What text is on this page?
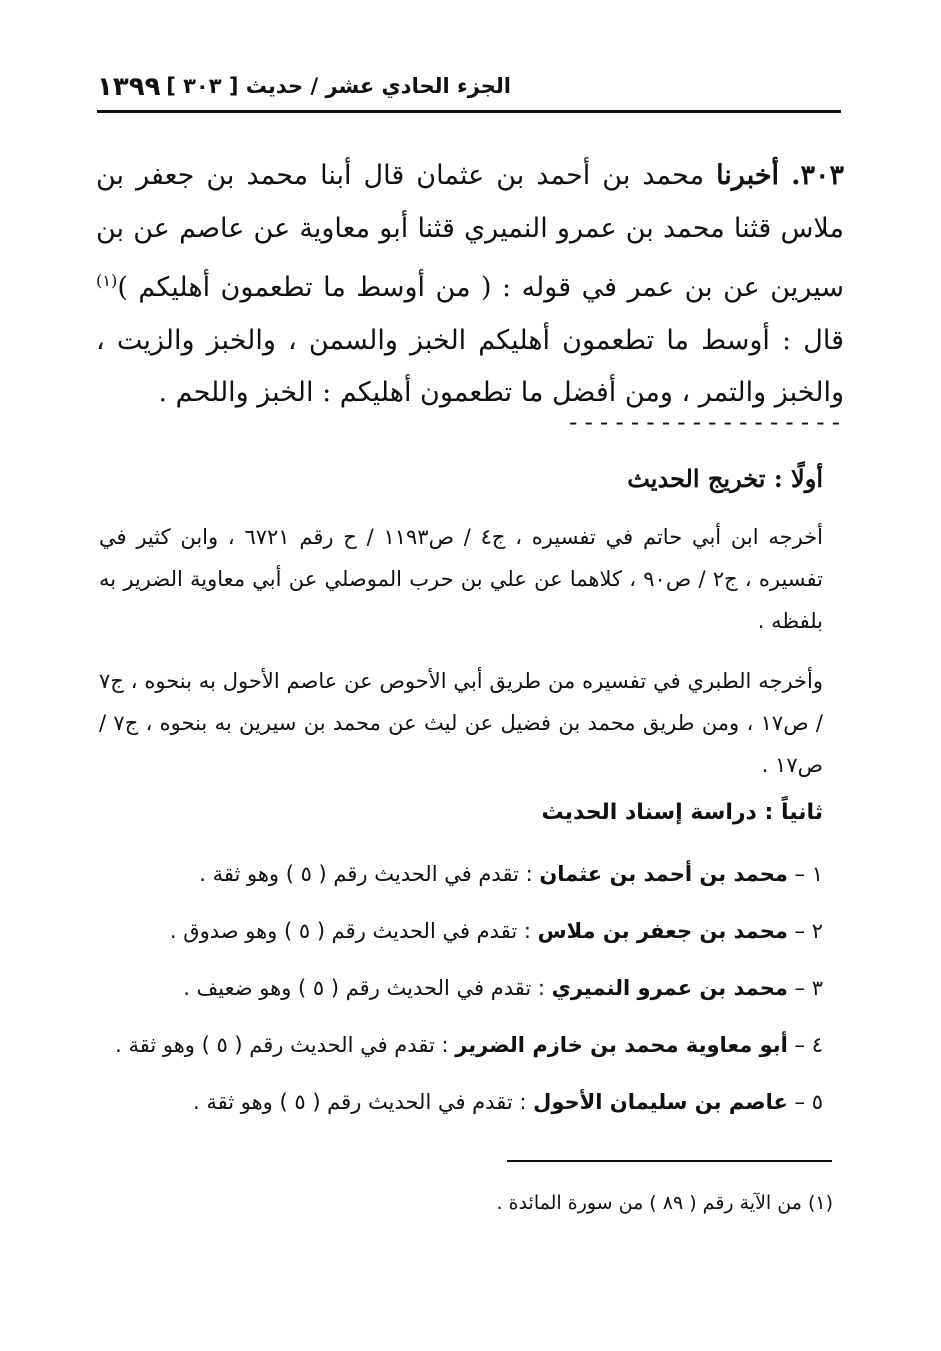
١٣٩٩ الجزء الحادي عشر / حديث [ ٣٠٣ ]
٣٠٣. أخبرنا محمد بن أحمد بن عثمان قال أبنا محمد بن جعفر بن ملاس قثنا محمد بن عمرو النميري قثنا أبو معاوية عن عاصم عن بن سيرين عن بن عمر في قوله : ( من أوسط ما تطعمون أهليكم )$^{(١)}$ قال : أوسط ما تطعمون أهليكم الخبز والسمن ، والخبز والزيت ، والخبز والتمر ، ومن أفضل ما تطعمون أهليكم : الخبز واللحم .
------------------
أولًا : تخريج الحديث
أخرجه ابن أبي حاتم في تفسيره ، ج٤ / ص١١٩٣ / ح رقم ٦٧٢١ ، وابن كثير في تفسيره ، ج٢ / ص٩٠ ، كلاهما عن علي بن حرب الموصلي عن أبي معاوية الضرير به بلفظه .
وأخرجه الطبري في تفسيره من طريق أبي الأحوص عن عاصم الأحول به بنحوه ، ج٧ / ص١٧ ، ومن طريق محمد بن فضيل عن ليث عن محمد بن سيرين به بنحوه ، ج٧ / ص١٧ .
ثانياً : دراسة إسناد الحديث
١ – محمد بن أحمد بن عثمان : تقدم في الحديث رقم ( ٥ ) وهو ثقة .
٢ – محمد بن جعفر بن ملاس : تقدم في الحديث رقم ( ٥ ) وهو صدوق .
٣ – محمد بن عمرو النميري : تقدم في الحديث رقم ( ٥ ) وهو ضعيف .
٤ – أبو معاوية محمد بن خازم الضرير : تقدم في الحديث رقم ( ٥ ) وهو ثقة .
٥ – عاصم بن سليمان الأحول : تقدم في الحديث رقم ( ٥ ) وهو ثقة .
(١) من الآية رقم ( ٨٩ ) من سورة المائدة .
